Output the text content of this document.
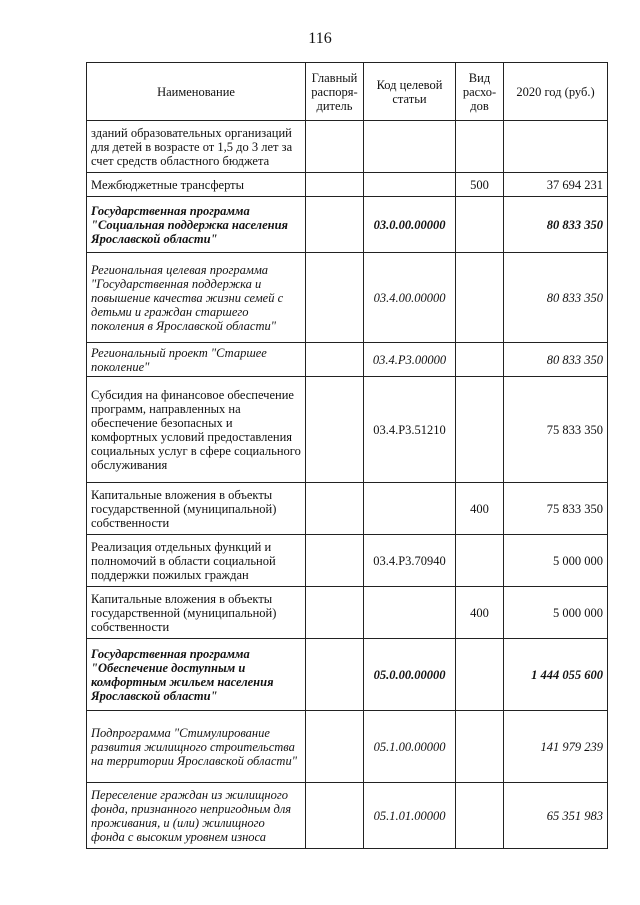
116
Наименование	Главный распоря-дитель	Код целевой статьи	Вид расхо-дов	2020 год (руб.)
зданий образовательных организаций для детей в возрасте от 1,5 до 3 лет за счет средств областного бюджета				
Межбюджетные трансферты			500	37 694 231
Государственная программа "Социальная поддержка населения Ярославской области"		03.0.00.00000		80 833 350
Региональная целевая программа "Государственная поддержка и повышение качества жизни семей с детьми и граждан старшего поколения в Ярославской области"		03.4.00.00000		80 833 350
Региональный проект "Старшее поколение"		03.4.P3.00000		80 833 350
Субсидия на финансовое обеспечение программ, направленных на обеспечение безопасных и комфортных условий предоставления социальных услуг в сфере социального обслуживания		03.4.P3.51210		75 833 350
Капитальные вложения в объекты государственной (муниципальной) собственности			400	75 833 350
Реализация отдельных функций и полномочий в области социальной поддержки пожилых граждан		03.4.P3.70940		5 000 000
Капитальные вложения в объекты государственной (муниципальной) собственности			400	5 000 000
Государственная программа "Обеспечение доступным и комфортным жильем населения Ярославской области"		05.0.00.00000		1 444 055 600
Подпрограмма "Стимулирование развития жилищного строительства на территории Ярославской области"		05.1.00.00000		141 979 239
Переселение граждан из жилищного фонда, признанного непригодным для проживания, и (или) жилищного фонда с высоким уровнем износа		05.1.01.00000		65 351 983
